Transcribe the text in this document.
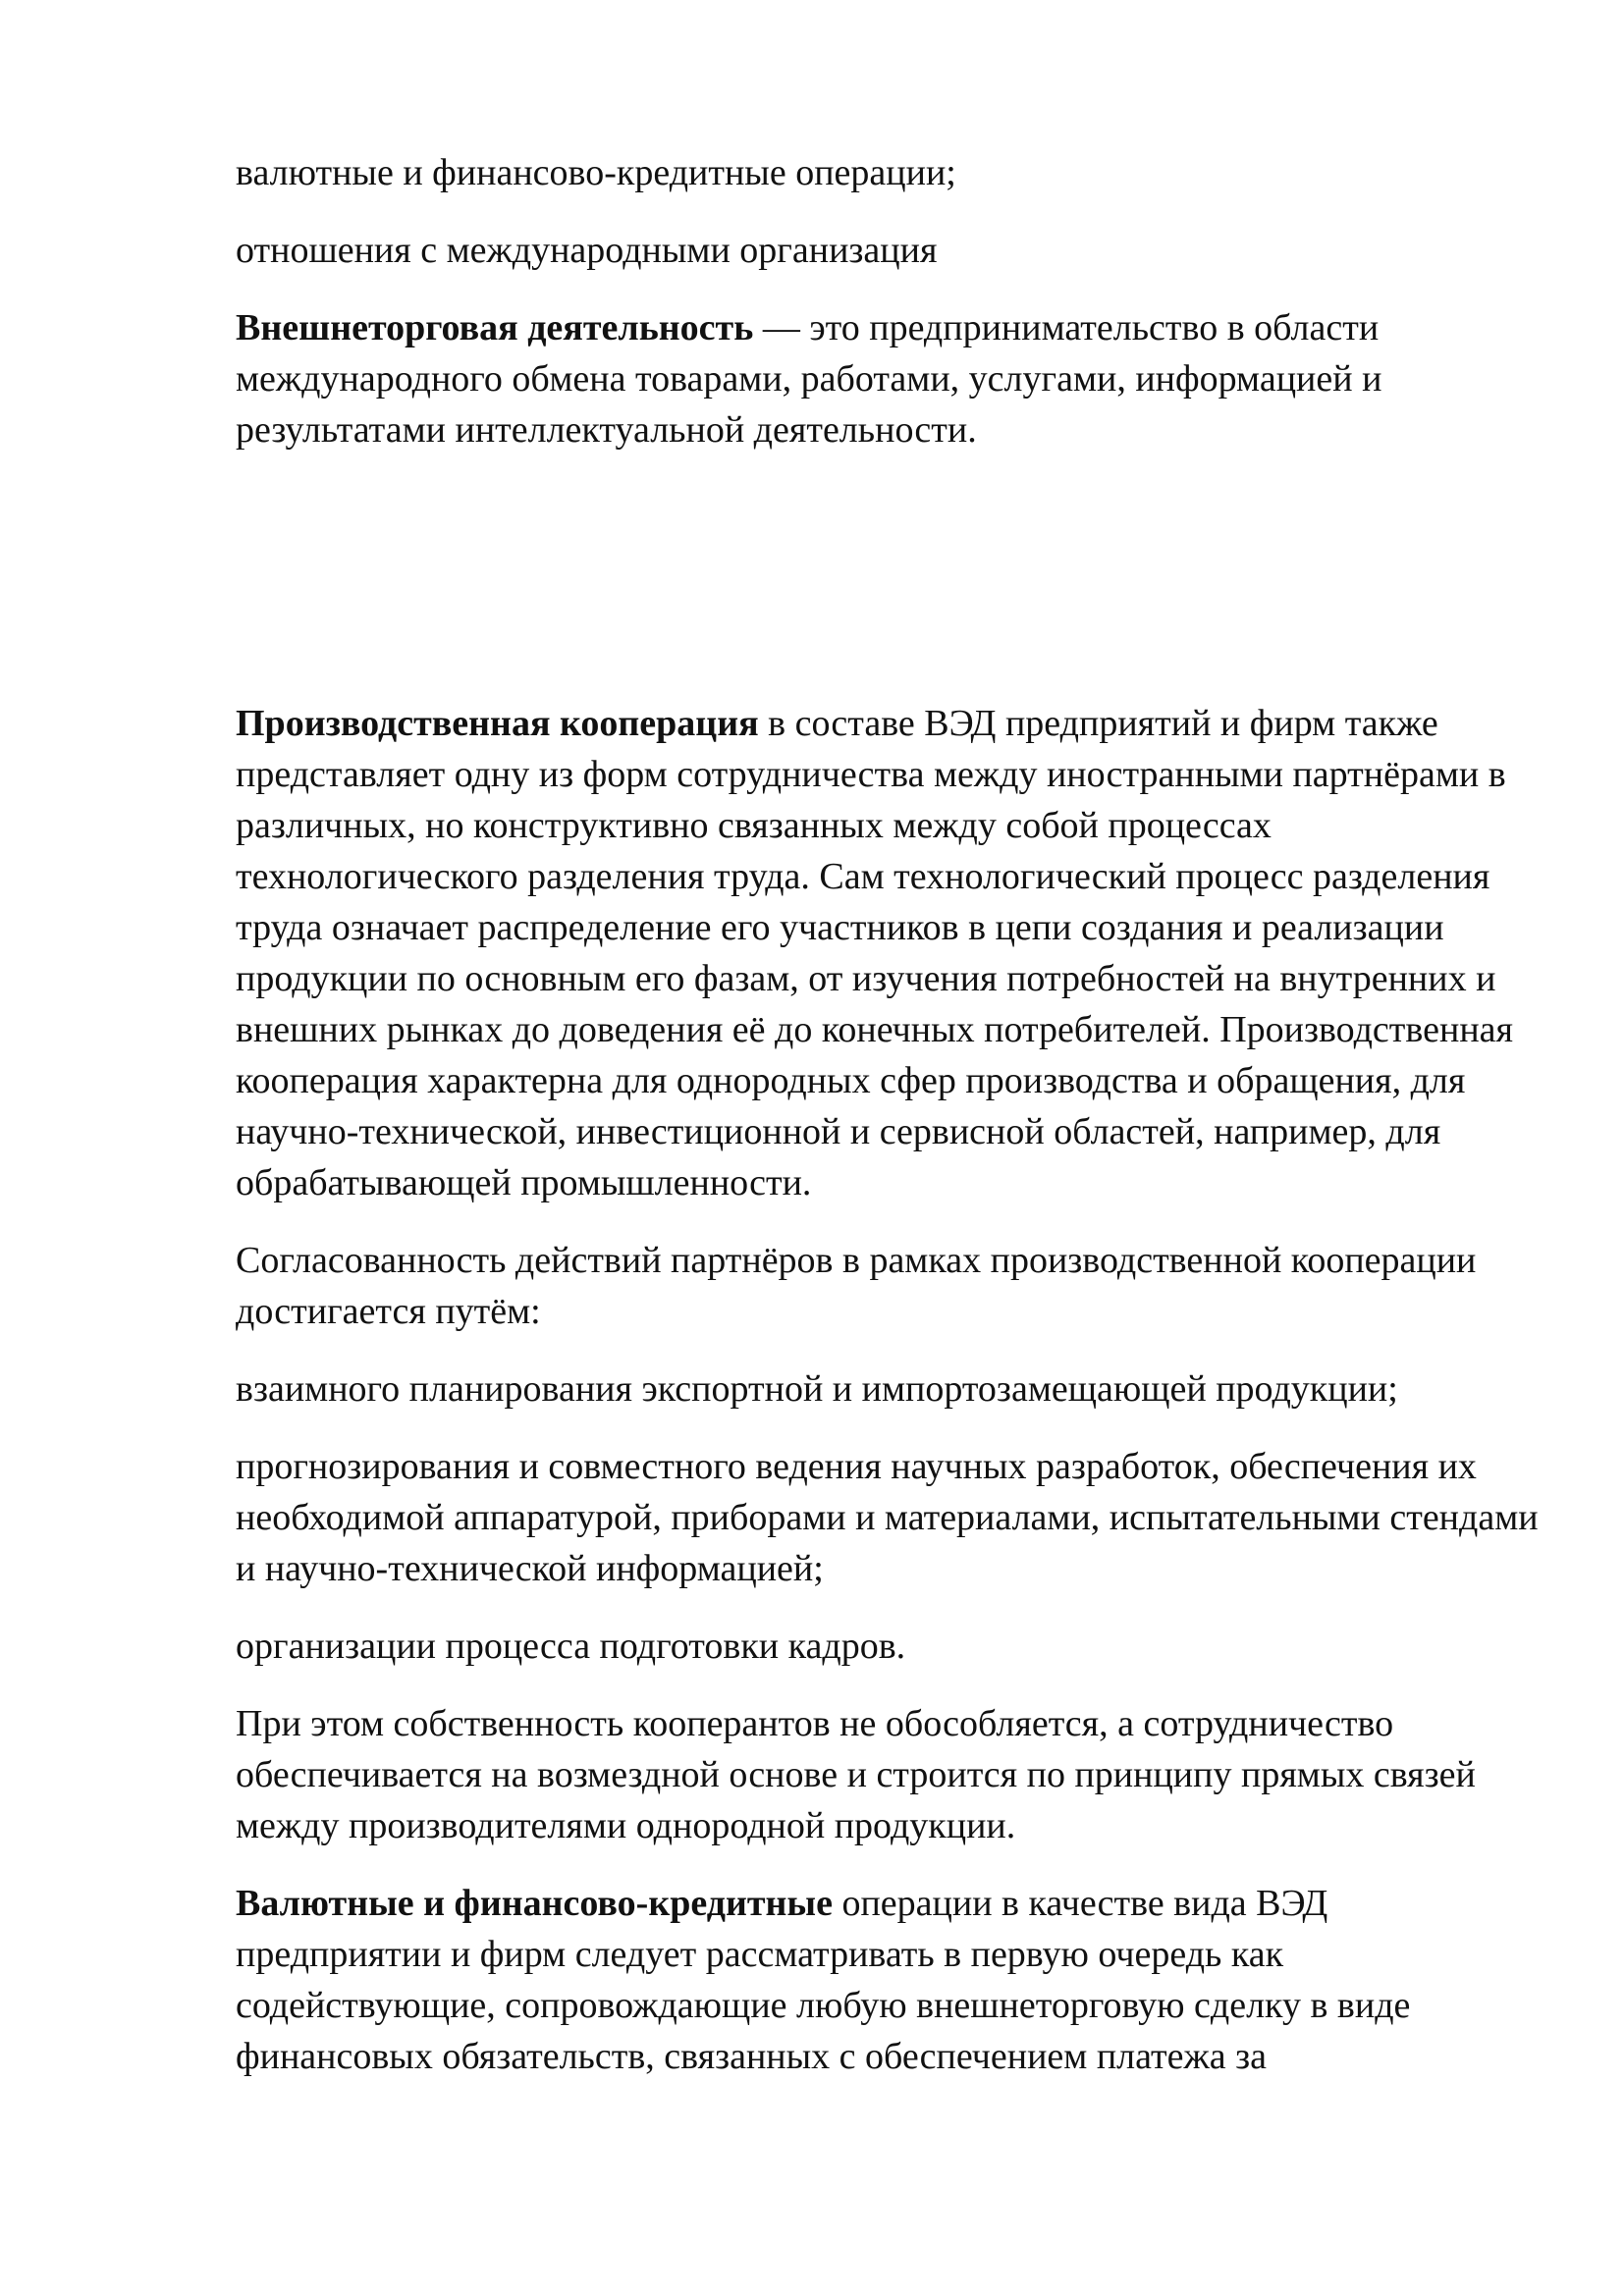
валютные и финансово-кредитные операции;

отношения с международными организация

Внешнеторговая деятельность — это предпринимательство в области международного обмена товарами, работами, услугами, информацией и результатами интеллектуальной деятельности.

Производственная кооперация в составе ВЭД предприятий и фирм также представляет одну из форм сотрудничества между иностранными партнёрами в различных, но конструктивно связанных между собой процессах технологического разделения труда. Сам технологический процесс разделения труда означает распределение его участников в цепи создания и реализации продукции по основным его фазам, от изучения потребностей на внутренних и внешних рынках до доведения её до конечных потребителей. Производственная кооперация характерна для однородных сфер производства и обращения, для научно-технической, инвестиционной и сервисной областей, например, для обрабатывающей промышленности.

Согласованность действий партнёров в рамках производственной кооперации достигается путём:

взаимного планирования экспортной и импортозамещающей продукции;

прогнозирования и совместного ведения научных разработок, обеспечения их необходимой аппаратурой, приборами и материалами, испытательными стендами и научно-технической информацией;

организации процесса подготовки кадров.

При этом собственность кооперантов не обособляется, а сотрудничество обеспечивается на возмездной основе и строится по принципу прямых связей между производителями однородной продукции.

Валютные и финансово-кредитные операции в качестве вида ВЭД предприятии и фирм следует рассматривать в первую очередь как содействующие, сопровождающие любую внешнеторговую сделку в виде финансовых обязательств, связанных с обеспечением платежа за
